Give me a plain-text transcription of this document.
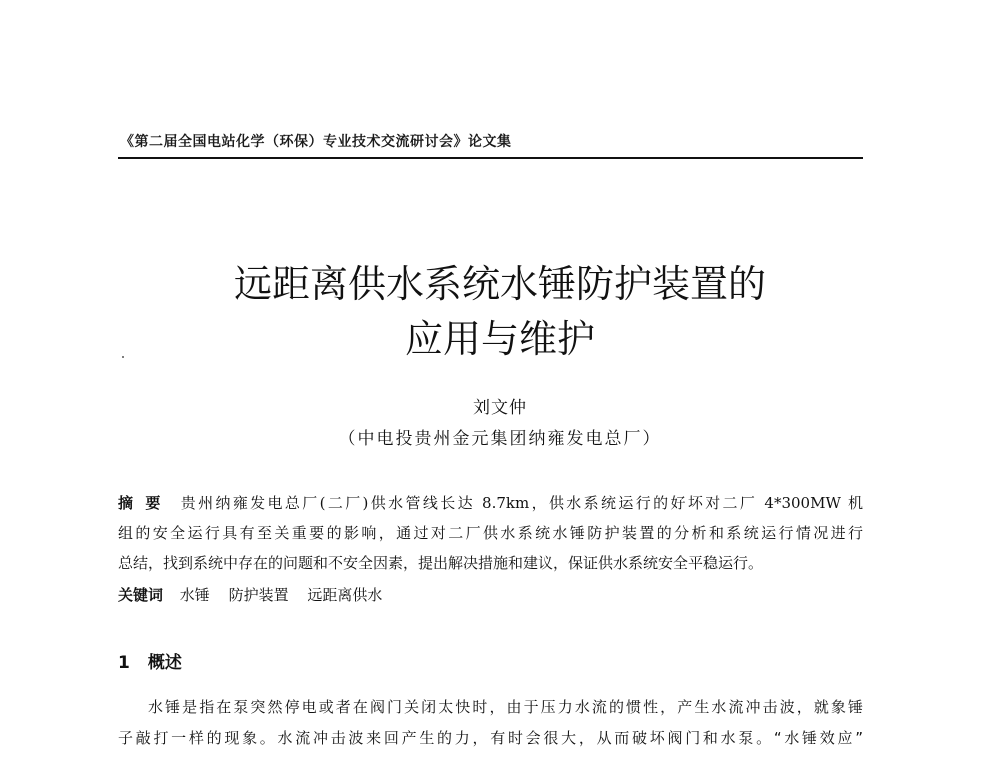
《第二届全国电站化学（环保）专业技术交流研讨会》论文集
远距离供水系统水锤防护装置的
应用与维护
刘文仲
（中电投贵州金元集团纳雍发电总厂）
摘要 贵州纳雍发电总厂(二厂)供水管线长达 8.7km，供水系统运行的好坏对二厂 4*300MW 机
组的安全运行具有至关重要的影响，通过对二厂供水系统水锤防护装置的分析和系统运行情况进行
总结，找到系统中存在的问题和不安全因素，提出解决措施和建议，保证供水系统安全平稳运行。
关键词 水锤 防护装置 远距离供水
1 概述
水锤是指在泵突然停电或者在阀门关闭太快时，由于压力水流的惯性，产生水流冲击波，就象锤
子敲打一样的现象。水流冲击波来回产生的力，有时会很大，从而破坏阀门和水泵。“水锤效应”
